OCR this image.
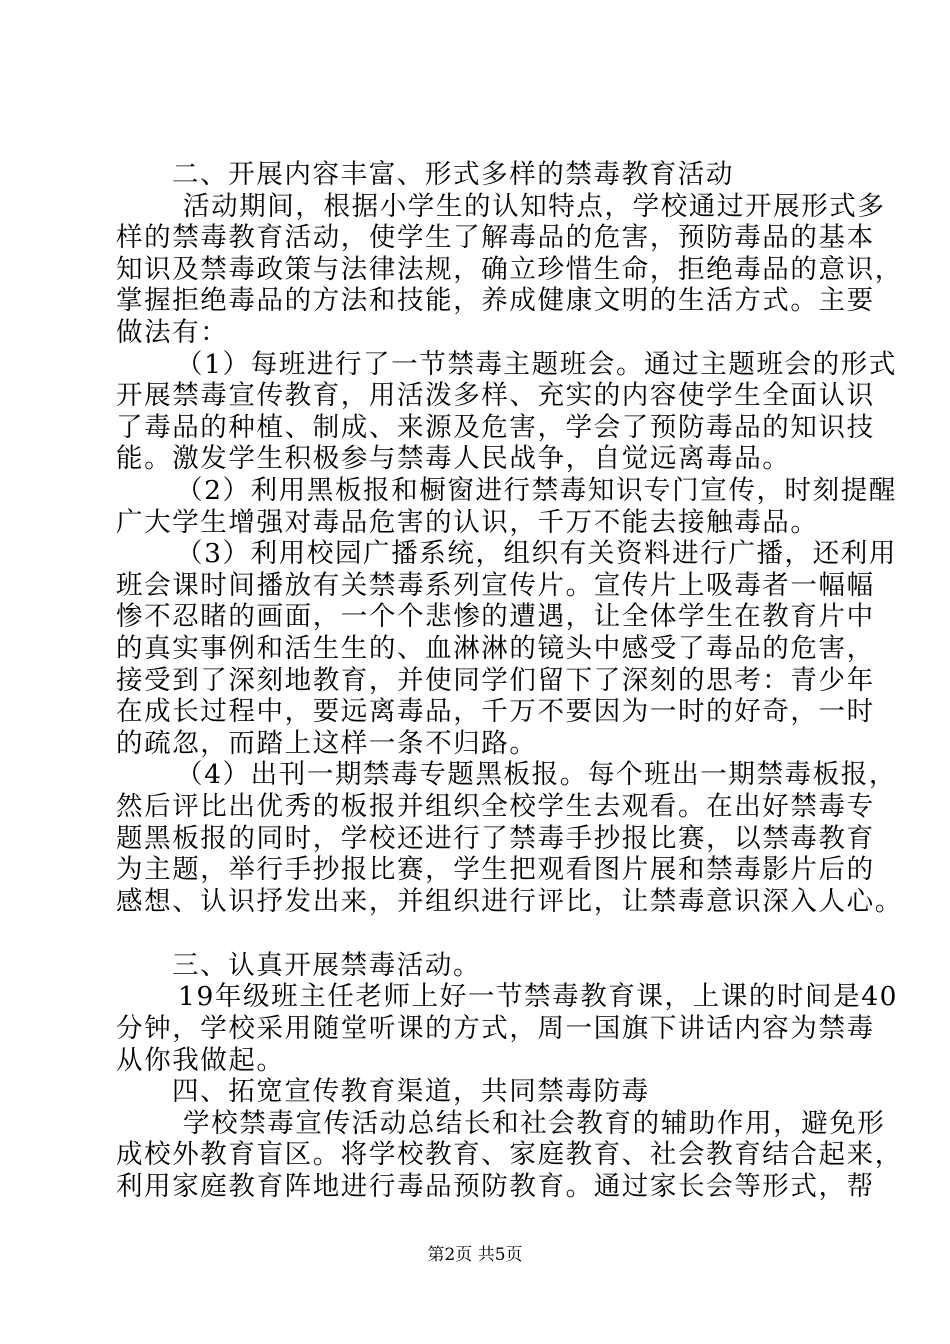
二、开展内容丰富、形式多样的禁毒教育活动
活动期间，根据小学生的认知特点，学校通过开展形式多
样的禁毒教育活动，使学生了解毒品的危害，预防毒品的基本
知识及禁毒政策与法律法规，确立珍惜生命，拒绝毒品的意识，
掌握拒绝毒品的方法和技能，养成健康文明的生活方式。主要
做法有：
（1）每班进行了一节禁毒主题班会。通过主题班会的形式
开展禁毒宣传教育，用活泼多样、充实的内容使学生全面认识
了毒品的种植、制成、来源及危害，学会了预防毒品的知识技
能。激发学生积极参与禁毒人民战争，自觉远离毒品。
（2）利用黑板报和橱窗进行禁毒知识专门宣传，时刻提醒
广大学生增强对毒品危害的认识，千万不能去接触毒品。
（3）利用校园广播系统，组织有关资料进行广播，还利用
班会课时间播放有关禁毒系列宣传片。宣传片上吸毒者一幅幅
惨不忍睹的画面，一个个悲惨的遭遇，让全体学生在教育片中
的真实事例和活生生的、血淋淋的镜头中感受了毒品的危害，
接受到了深刻地教育，并使同学们留下了深刻的思考：青少年
在成长过程中，要远离毒品，千万不要因为一时的好奇，一时
的疏忽，而踏上这样一条不归路。
（4）出刊一期禁毒专题黑板报。每个班出一期禁毒板报，
然后评比出优秀的板报并组织全校学生去观看。在出好禁毒专
题黑板报的同时，学校还进行了禁毒手抄报比赛，以禁毒教育
为主题，举行手抄报比赛，学生把观看图片展和禁毒影片后的
感想、认识抒发出来，并组织进行评比，让禁毒意识深入人心。
三、认真开展禁毒活动。
19年级班主任老师上好一节禁毒教育课，上课的时间是40
分钟，学校采用随堂听课的方式，周一国旗下讲话内容为禁毒
从你我做起。
四、拓宽宣传教育渠道，共同禁毒防毒
学校禁毒宣传活动总结长和社会教育的辅助作用，避免形
成校外教育盲区。将学校教育、家庭教育、社会教育结合起来，
利用家庭教育阵地进行毒品预防教育。通过家长会等形式，帮
第2页 共5页
